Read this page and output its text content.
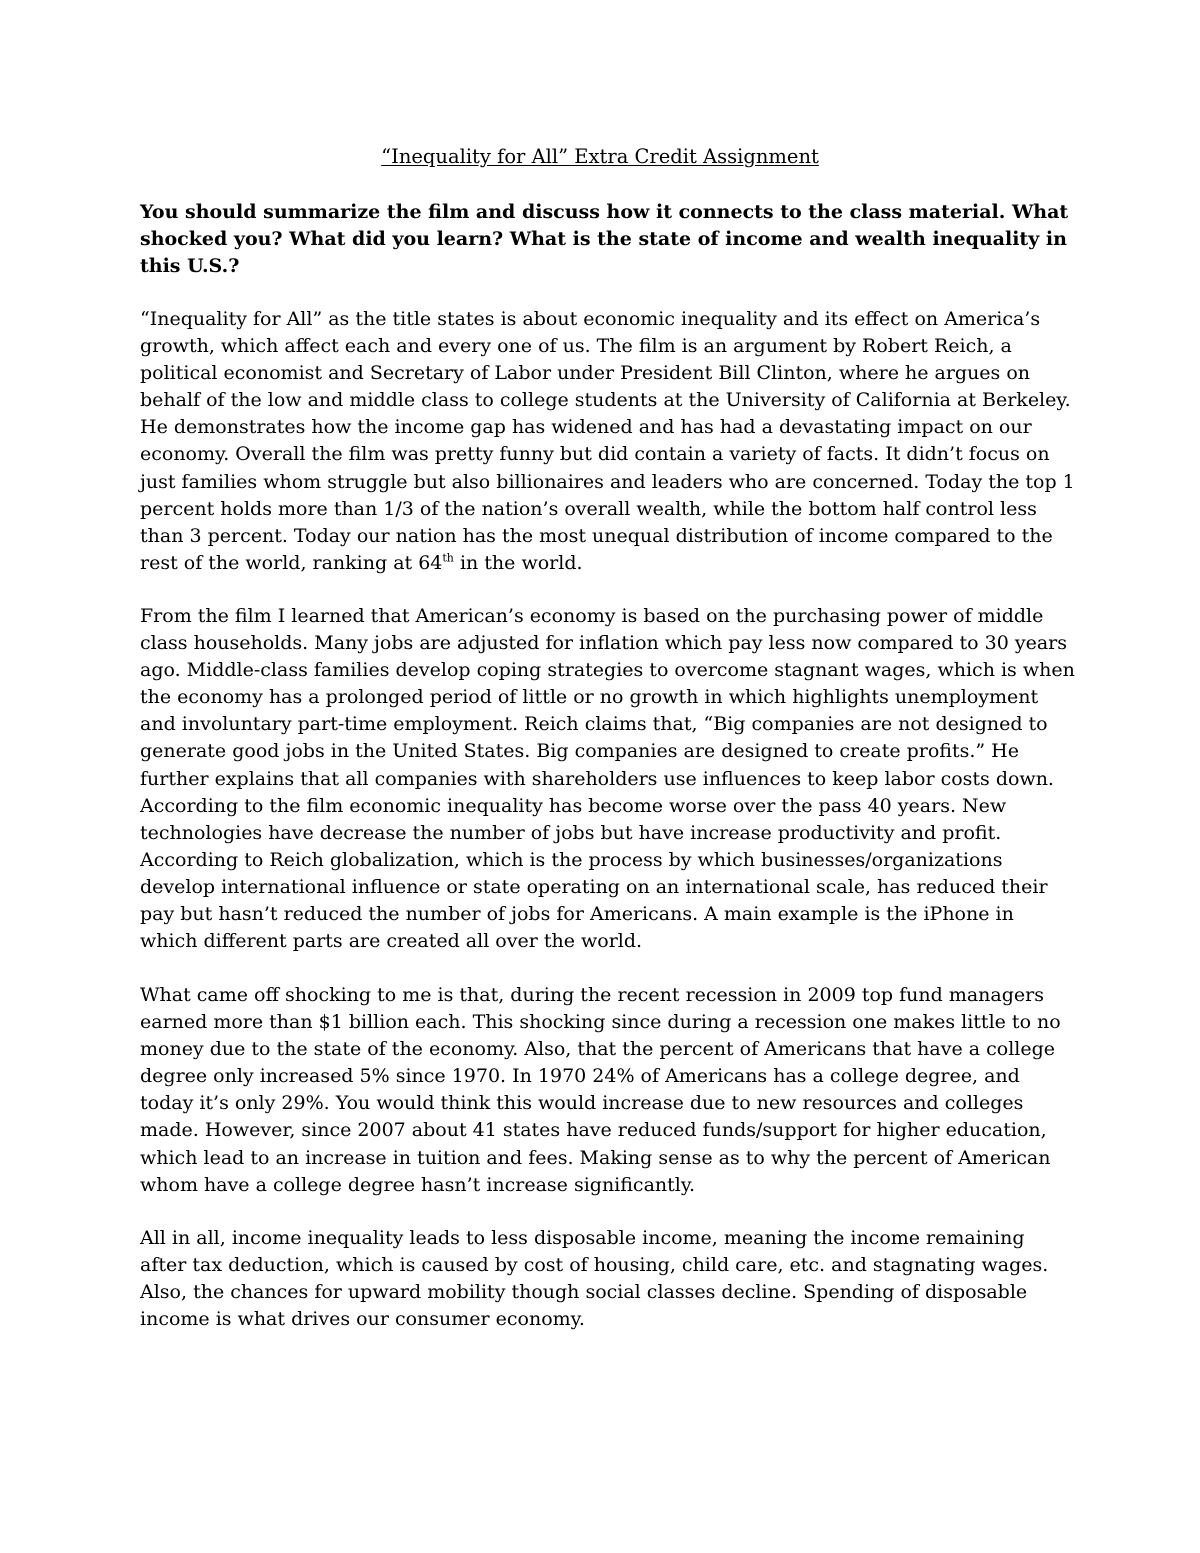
“Inequality for All” Extra Credit Assignment

You should summarize the film and discuss how it connects to the class material. What shocked you? What did you learn? What is the state of income and wealth inequality in this U.S.?

“Inequality for All” as the title states is about economic inequality and its effect on America’s growth, which affect each and every one of us. The film is an argument by Robert Reich, a political economist and Secretary of Labor under President Bill Clinton, where he argues on behalf of the low and middle class to college students at the University of California at Berkeley. He demonstrates how the income gap has widened and has had a devastating impact on our economy. Overall the film was pretty funny but did contain a variety of facts. It didn’t focus on just families whom struggle but also billionaires and leaders who are concerned. Today the top 1 percent holds more than 1/3 of the nation’s overall wealth, while the bottom half control less than 3 percent. Today our nation has the most unequal distribution of income compared to the rest of the world, ranking at 64th in the world.

From the film I learned that American’s economy is based on the purchasing power of middle class households. Many jobs are adjusted for inflation which pay less now compared to 30 years ago. Middle-class families develop coping strategies to overcome stagnant wages, which is when the economy has a prolonged period of little or no growth in which highlights unemployment and involuntary part-time employment. Reich claims that, “Big companies are not designed to generate good jobs in the United States. Big companies are designed to create profits.” He further explains that all companies with shareholders use influences to keep labor costs down. According to the film economic inequality has become worse over the pass 40 years. New technologies have decrease the number of jobs but have increase productivity and profit. According to Reich globalization, which is the process by which businesses/organizations develop international influence or state operating on an international scale, has reduced their pay but hasn’t reduced the number of jobs for Americans. A main example is the iPhone in which different parts are created all over the world.

What came off shocking to me is that, during the recent recession in 2009 top fund managers earned more than $1 billion each. This shocking since during a recession one makes little to no money due to the state of the economy. Also, that the percent of Americans that have a college degree only increased 5% since 1970. In 1970 24% of Americans has a college degree, and today it’s only 29%. You would think this would increase due to new resources and colleges made. However, since 2007 about 41 states have reduced funds/support for higher education, which lead to an increase in tuition and fees. Making sense as to why the percent of American whom have a college degree hasn’t increase significantly.

All in all, income inequality leads to less disposable income, meaning the income remaining after tax deduction, which is caused by cost of housing, child care, etc. and stagnating wages. Also, the chances for upward mobility though social classes decline. Spending of disposable income is what drives our consumer economy.
